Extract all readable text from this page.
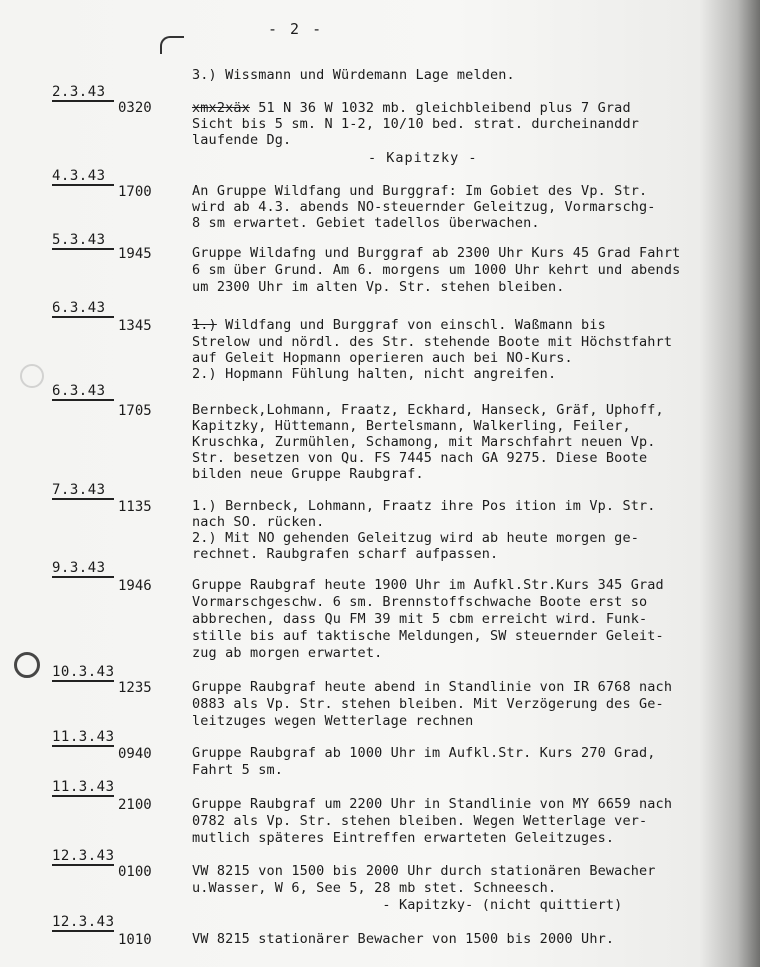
- 2 -
3.) Wissmann und Würdemann Lage melden.
2.3.43
0320	xmx2xäx 51 N 36 W 1032 mb. gleichbleibend plus 7 Grad
Sicht bis 5 sm. N 1-2, 10/10 bed. strat. durcheinanddr
laufende Dg.
- Kapitzky -
4.3.43
1700	An Gruppe Wildfang und Burggraf: Im Gobiet des Vp. Str.
wird ab 4.3. abends NO-steuernder Geleitzug, Vormarschg-
8 sm erwartet. Gebiet tadellos überwachen.
5.3.43
1945	Gruppe Wildafng und Burggraf ab 2300 Uhr Kurs 45 Grad Fahrt
6 sm über Grund. Am 6. morgens um 1000 Uhr kehrt und abends
um 2300 Uhr im alten Vp. Str. stehen bleiben.
6.3.43
1345	1.) Wildfang und Burggraf von einschl. Waßmann bis
Strelow und nördl. des Str. stehende Boote mit Höchstfahrt
auf Geleit Hopmann operieren auch bei NO-Kurs.
2.) Hopmann Fühlung halten, nicht angreifen.
6.3.43
1705	Bernbeck,Lohmann, Fraatz, Eckhard, Hanseck, Gräf, Uphoff,
Kapitzky, Hüttemann, Bertelsmann, Walkerling, Feiler,
Kruschka, Zurmühlen, Schamong, mit Marschfahrt neuen Vp.
Str. besetzen von Qu. FS 7445 nach GA 9275. Diese Boote
bilden neue Gruppe Raubgraf.
7.3.43
1135	1.) Bernbeck, Lohmann, Fraatz ihre Pos ition im Vp. Str.
nach SO. rücken.
2.) Mit NO gehenden Geleitzug wird ab heute morgen ge-
rechnet. Raubgrafen scharf aufpassen.
9.3.43
1946	Gruppe Raubgraf heute 1900 Uhr im Aufkl.Str.Kurs 345 Grad
Vormarschgeschw. 6 sm. Brennstoffschwache Boote erst so
abbrechen, dass Qu FM 39 mit 5 cbm erreicht wird. Funk-
stille bis auf taktische Meldungen, SW steuernder Geleit-
zug ab morgen erwartet.
10.3.43
1235	Gruppe Raubgraf heute abend in Standlinie von IR 6768 nach
0883 als Vp. Str. stehen bleiben. Mit Verzögerung des Ge-
leitzuges wegen Wetterlage rechnen
11.3.43
0940	Gruppe Raubgraf ab 1000 Uhr im Aufkl.Str. Kurs 270 Grad,
Fahrt 5 sm.
11.3.43
2100	Gruppe Raubgraf um 2200 Uhr in Standlinie von MY 6659 nach
0782 als Vp. Str. stehen bleiben. Wegen Wetterlage ver-
mutlich späteres Eintreffen erwarteten Geleitzuges.
12.3.43
0100	VW 8215 von 1500 bis 2000 Uhr durch stationären Bewacher
u.Wasser, W 6, See 5, 28 mb stet. Schneesch.
- Kapitzky- (nicht quittiert)
12.3.43
1010	VW 8215 stationärer Bewacher von 1500 bis 2000 Uhr.
